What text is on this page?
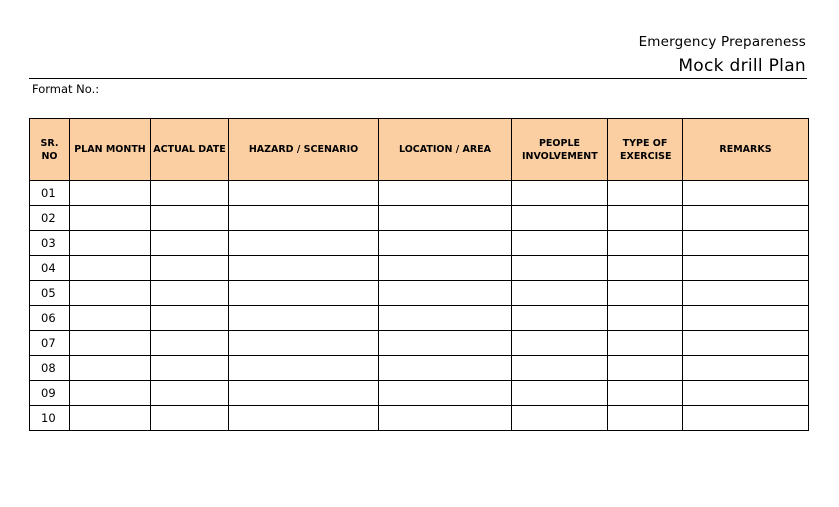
Emergency Prepareness
Mock drill Plan
Format No.:
SR. NO	PLAN MONTH	ACTUAL DATE	HAZARD / SCENARIO	LOCATION / AREA	PEOPLE INVOLVEMENT	TYPE OF EXERCISE	REMARKS
01							
02							
03							
04							
05							
06							
07							
08							
09							
10							
